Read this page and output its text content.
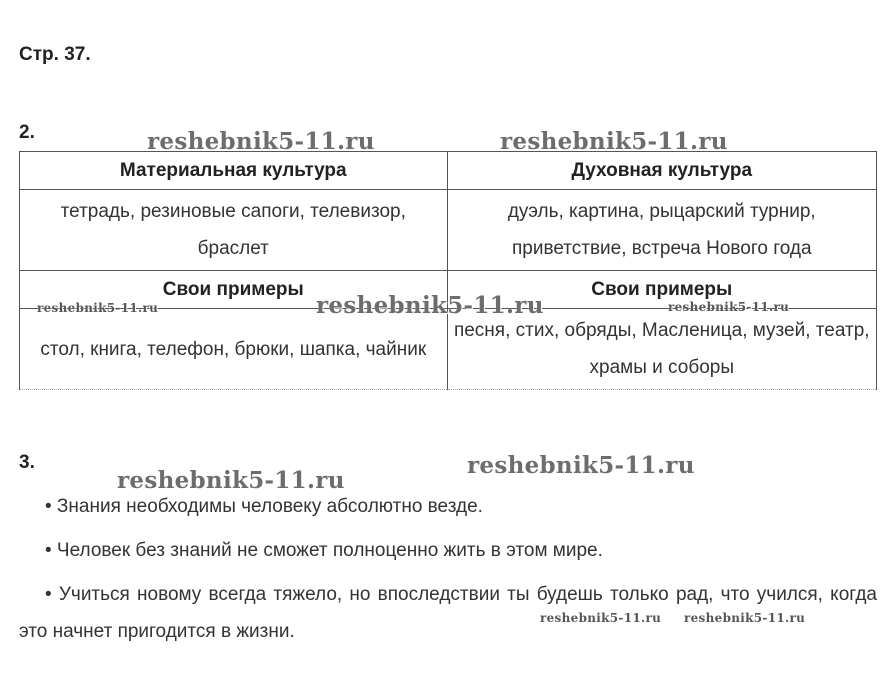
Стр. 37.
2.
Материальная культура	Духовная культура
тетрадь, резиновые сапоги, телевизор, браслет	дуэль, картина, рыцарский турнир, приветствие, встреча Нового года
Свои примеры	Свои примеры
стол, книга, телефон, брюки, шапка, чайник	песня, стих, обряды, Масленица, музей, театр, храмы и соборы
3.

• Знания необходимы человеку абсолютно везде.

• Человек без знаний не сможет полноценно жить в этом мире.

• Учиться новому всегда тяжело, но впоследствии ты будешь только рад, что учился, когда это начнет пригодится в жизни.

reshebnik5-11.ru	reshebnik5-11.ru
reshebnik5-11.ru
reshebnik5-11.ru	reshebnik5-11.ru
reshebnik5-11.ru
reshebnik5-11.ru
reshebnik5-11.ru reshebnik5-11.ru
